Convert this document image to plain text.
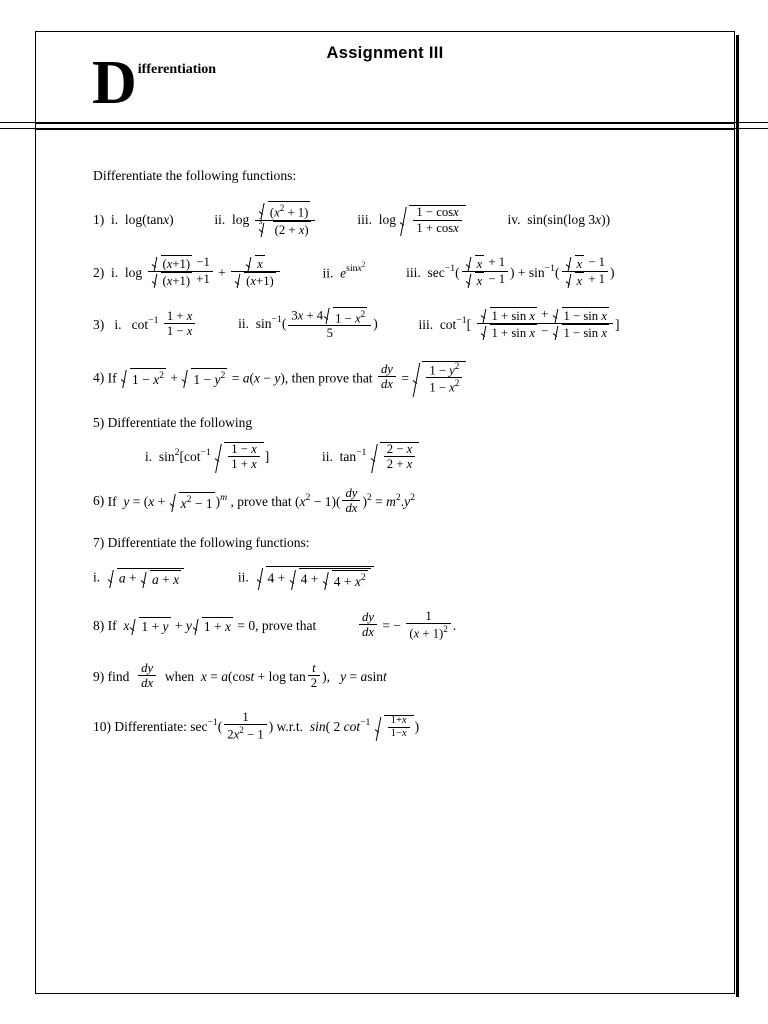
Assignment III
Differentiation
Differentiate the following functions:
1)  i.  log(tanx)	ii.  $\log (x^2 + 1)$
3
(2 + x)	iii.  $\log \frac{1 - \cos x}{1 + \cos x}$	iv.  sin(sin(log 3x))
2)  i.  $\log \frac{(x+1) -1}{(x+1) +1} + \frac{x}{(x+1)}$	ii.  $e^{sinx^2}$  iii.  $\sec^{-1}( \frac{x + 1}{x - 1}$ ) + $\sin^{-1}( \frac{x - 1}{x + 1}$ )
3)   i.   $\cot^{-1} \frac{1 + x}{1 - x}$	ii.  $\sin^{-1}( \frac{3x + 4 1 - x^2}{5}$ )	iii.  $\cot^{-1}[ \frac{\text{1 + sin x + 1 − sin x}}{\text{1 + sin x − 1 − sin x}}$ ]
4) If $1 - x^2 + 1 - y^2 = a(x - y)$, then prove that $\frac{dy}{dx} = \frac{1 - y^2}{1 - x^2}$
5) Differentiate the following
i.  $\sin^2[\cot^{-1} \frac{1 - x}{1 + x}$ ]	ii.  $\tan^{-1} \frac{2 - x}{2 + x}$
6) If  $y = (x + x^2 - 1$ )$^m$ , prove that $(x^2 - 1)( \frac{dy}{dx} )^2 = m^2.y^2$
7) Differentiate the following functions:
i.  a + a + x	ii.  $4 + 4 + 4 + x^2$
8) If  x 1 + y + y 1 + x = 0, prove that	$\frac{dy}{dx}$ = − $\frac{1}{(x + 1)^2}$ .
9) find $\frac{dy}{dx}$ when  $x = a(\cos t + \log \tan \frac{t}{2}$ ),   y = asint
10) Differentiate: $\sec^{-1}( \frac{1}{2x^2 - 1}$ ) w.r.t.  sin( 2 $\cot^{-1} \frac{1+x}{1-x}$ )
